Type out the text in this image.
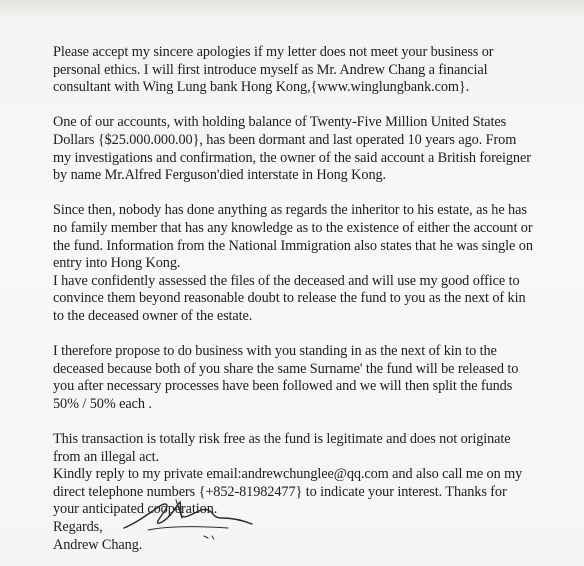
Please accept my sincere apologies if my letter does not meet your business or
personal ethics. I will first introduce myself as Mr. Andrew Chang a financial
consultant with Wing Lung bank Hong Kong,{www.winglungbank.com}.

One of our accounts, with holding balance of Twenty-Five Million United States
Dollars {$25.000.000.00}, has been dormant and last operated 10 years ago. From
my investigations and confirmation, the owner of the said account a British foreigner
by name Mr.Alfred Ferguson'died interstate in Hong Kong.

Since then, nobody has done anything as regards the inheritor to his estate, as he has
no family member that has any knowledge as to the existence of either the account or
the fund. Information from the National Immigration also states that he was single on
entry into Hong Kong.
I have confidently assessed the files of the deceased and will use my good office to
convince them beyond reasonable doubt to release the fund to you as the next of kin
to the deceased owner of the estate.

I therefore propose to do business with you standing in as the next of kin to the
deceased because both of you share the same Surname' the fund will be released to
you after necessary processes have been followed and we will then split the funds
50% / 50% each .

This transaction is totally risk free as the fund is legitimate and does not originate
from an illegal act.
Kindly reply to my private email:andrewchunglee@qq.com and also call me on my
direct telephone numbers {+852-81982477} to indicate your interest. Thanks for
your anticipated cooperation.

Regards,
Andrew Chang.
